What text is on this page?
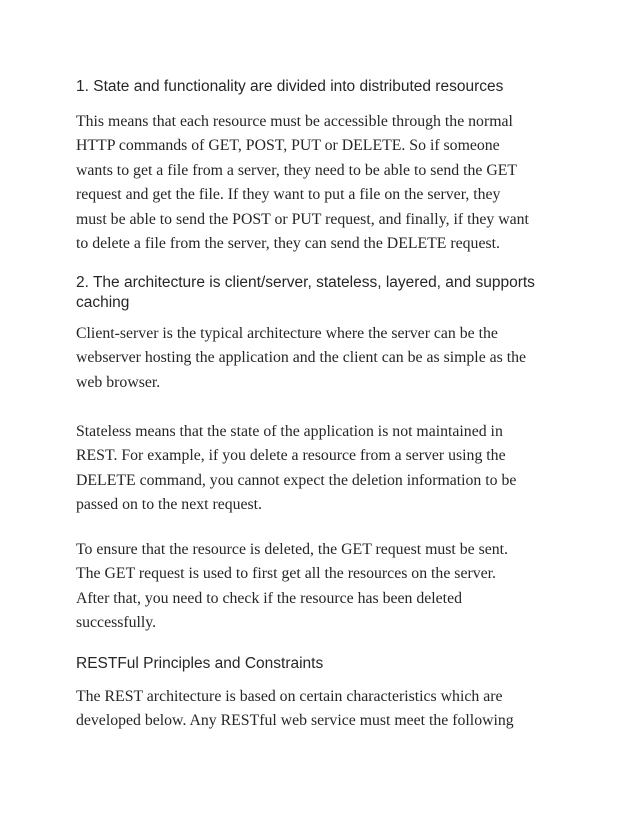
1. State and functionality are divided into distributed resources

This means that each resource must be accessible through the normal
HTTP commands of GET, POST, PUT or DELETE. So if someone
wants to get a file from a server, they need to be able to send the GET
request and get the file. If they want to put a file on the server, they
must be able to send the POST or PUT request, and finally, if they want
to delete a file from the server, they can send the DELETE request.

2. The architecture is client/server, stateless, layered, and supports
caching

Client-server is the typical architecture where the server can be the
webserver hosting the application and the client can be as simple as the
web browser.

Stateless means that the state of the application is not maintained in
REST. For example, if you delete a resource from a server using the
DELETE command, you cannot expect the deletion information to be
passed on to the next request.

To ensure that the resource is deleted, the GET request must be sent.
The GET request is used to first get all the resources on the server.
After that, you need to check if the resource has been deleted
successfully.

RESTFul Principles and Constraints

The REST architecture is based on certain characteristics which are
developed below. Any RESTful web service must meet the following
